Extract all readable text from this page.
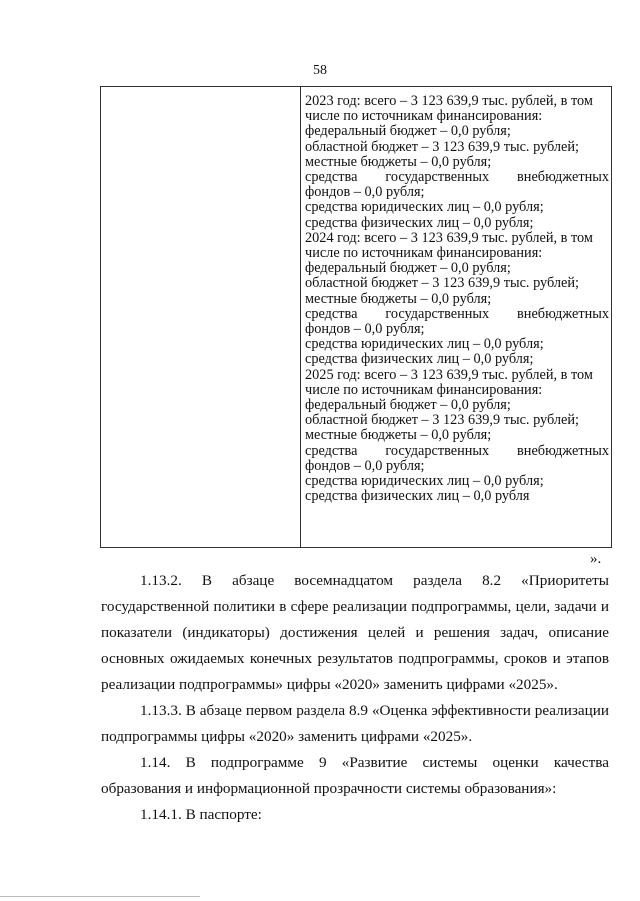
58
2023 год: всего – 3 123 639,9 тыс. рублей, в том
числе по источникам финансирования:
федеральный бюджет – 0,0 рубля;
областной бюджет – 3 123 639,9 тыс. рублей;
местные бюджеты – 0,0 рубля;
средства государственных внебюджетных
фондов – 0,0 рубля;
средства юридических лиц – 0,0 рубля;
средства физических лиц – 0,0 рубля;
2024 год: всего – 3 123 639,9 тыс. рублей, в том
числе по источникам финансирования:
федеральный бюджет – 0,0 рубля;
областной бюджет – 3 123 639,9 тыс. рублей;
местные бюджеты – 0,0 рубля;
средства государственных внебюджетных
фондов – 0,0 рубля;
средства юридических лиц – 0,0 рубля;
средства физических лиц – 0,0 рубля;
2025 год: всего – 3 123 639,9 тыс. рублей, в том
числе по источникам финансирования:
федеральный бюджет – 0,0 рубля;
областной бюджет – 3 123 639,9 тыс. рублей;
местные бюджеты – 0,0 рубля;
средства государственных внебюджетных
фондов – 0,0 рубля;
средства юридических лиц – 0,0 рубля;
средства физических лиц – 0,0 рубля
».
1.13.2. В абзаце восемнадцатом раздела 8.2 «Приоритеты государственной политики в сфере реализации подпрограммы, цели, задачи и показатели (индикаторы) достижения целей и решения задач, описание основных ожидаемых конечных результатов подпрограммы, сроков и этапов реализации подпрограммы» цифры «2020» заменить цифрами «2025».
1.13.3. В абзаце первом раздела 8.9 «Оценка эффективности реализации подпрограммы цифры «2020» заменить цифрами «2025».
1.14. В подпрограмме 9 «Развитие системы оценки качества образования и информационной прозрачности системы образования»:
1.14.1. В паспорте:
